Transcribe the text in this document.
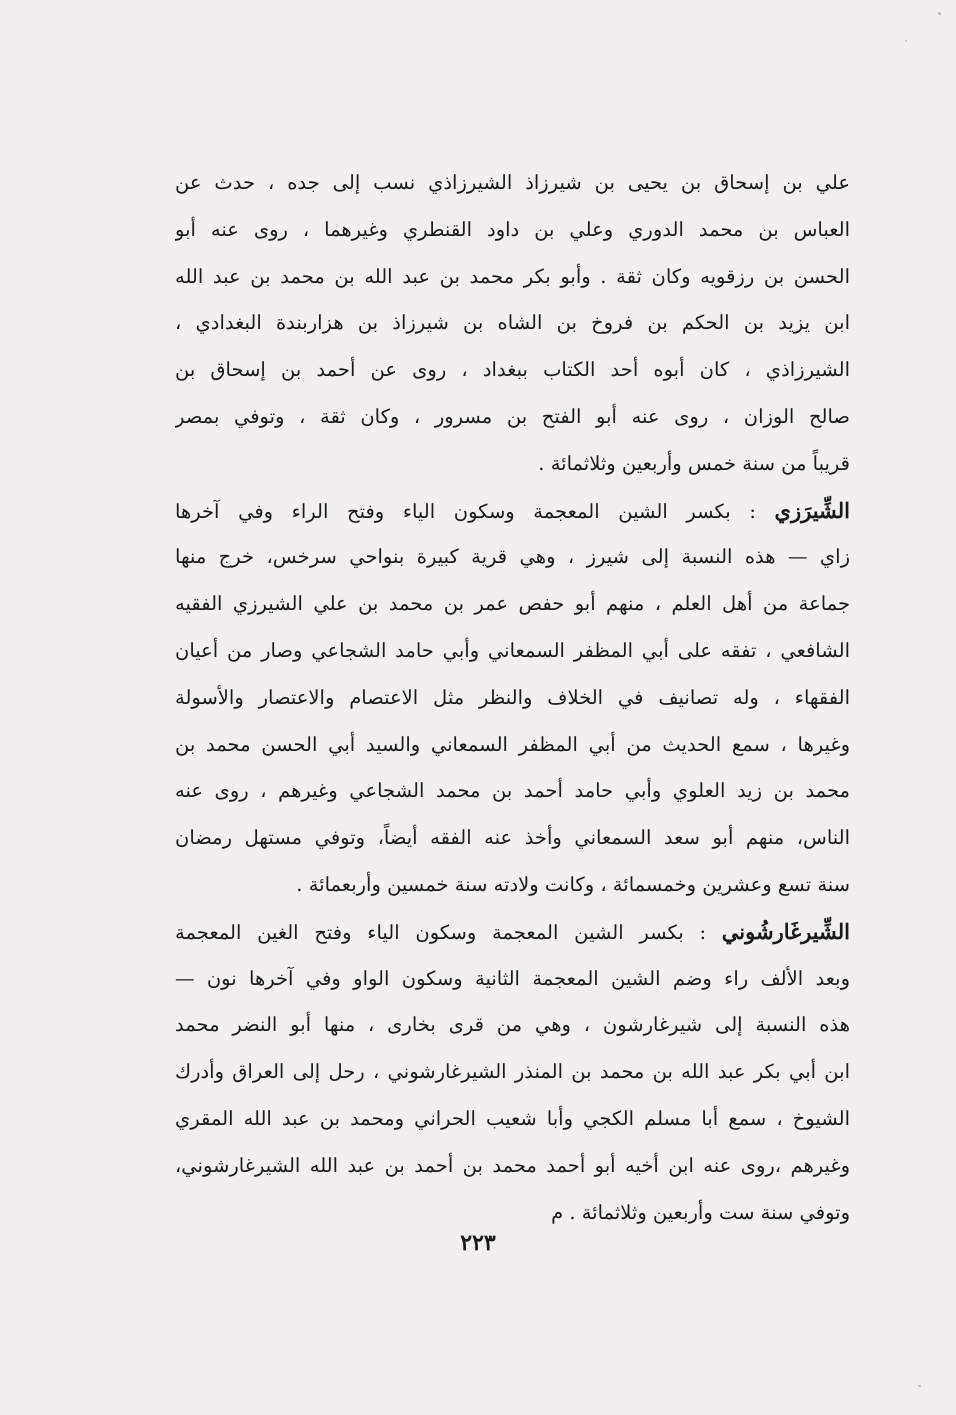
علي بن إسحاق بن يحيى بن شيرزاذ الشيرزاذي نسب إلى جده ، حدث عن
العباس بن محمد الدوري وعلي بن داود القنطري وغيرهما ، روى عنه أبو
الحسن بن رزقويه وكان ثقة . وأبو بكر محمد بن عبد الله بن محمد بن عبد الله
ابن يزيد بن الحكم بن فروخ بن الشاه بن شيرزاذ بن هزاربندة البغدادي ،
الشيرزاذي ، كان أبوه أحد الكتاب ببغداد ، روى عن أحمد بن إسحاق بن
صالح الوزان ، روى عنه أبو الفتح بن مسرور ، وكان ثقة ، وتوفي بمصر
قريباً من سنة خمس وأربعين وثلاثمائة .
الشِّيرَزي : بكسر الشين المعجمة وسكون الياء وفتح الراء وفي آخرها
زاي — هذه النسبة إلى شيرز ، وهي قرية كبيرة بنواحي سرخس، خرج منها
جماعة من أهل العلم ، منهم أبو حفص عمر بن محمد بن علي الشيرزي الفقيه
الشافعي ، تفقه على أبي المظفر السمعاني وأبي حامد الشجاعي وصار من أعيان
الفقهاء ، وله تصانيف في الخلاف والنظر مثل الاعتصام والاعتصار والأسولة
وغيرها ، سمع الحديث من أبي المظفر السمعاني والسيد أبي الحسن محمد بن
محمد بن زيد العلوي وأبي حامد أحمد بن محمد الشجاعي وغيرهم ، روى عنه
الناس، منهم أبو سعد السمعاني وأخذ عنه الفقه أيضاً، وتوفي مستهل رمضان
سنة تسع وعشرين وخمسمائة ، وكانت ولادته سنة خمسين وأربعمائة .
الشِّيرغَارشُوني : بكسر الشين المعجمة وسكون الياء وفتح الغين المعجمة
وبعد الألف راء وضم الشين المعجمة الثانية وسكون الواو وفي آخرها نون —
هذه النسبة إلى شيرغارشون ، وهي من قرى بخارى ، منها أبو النضر محمد
ابن أبي بكر عبد الله بن محمد بن المنذر الشيرغارشوني ، رحل إلى العراق وأدرك
الشيوخ ، سمع أبا مسلم الكجي وأبا شعيب الحراني ومحمد بن عبد الله المقري
وغيرهم ،روى عنه ابن أخيه أبو أحمد محمد بن أحمد بن عبد الله الشيرغارشوني،
وتوفي سنة ست وأربعين وثلاثمائة . م
٢٢٣
